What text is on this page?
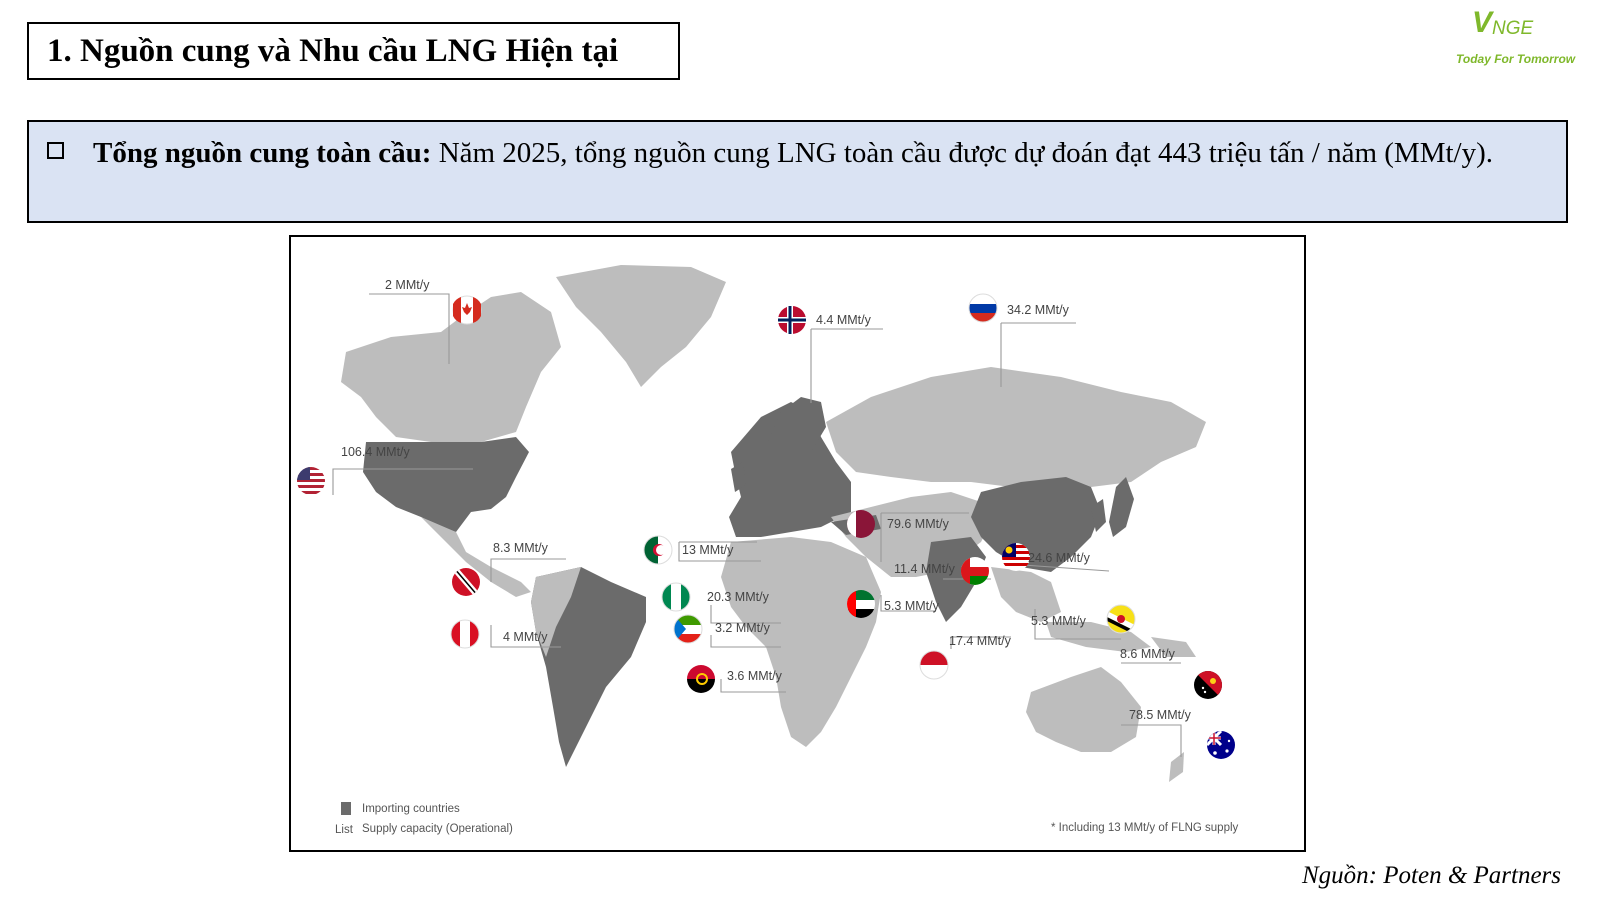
1. Nguồn cung và Nhu cầu LNG Hiện tại
V NGE
Today For Tomorrow
Tổng nguồn cung toàn cầu: Năm 2025, tổng nguồn cung LNG toàn cầu được dự đoán đạt 443 triệu tấn / năm (MMt/y).
2 MMt/y
4.4 MMt/y
34.2 MMt/y
106.4 MMt/y
79.6 MMt/y
13 MMt/y
24.6 MMt/y
11.4 MMt/y
8.3 MMt/y
20.3 MMt/y
5.3 MMt/y
3.2 MMt/y	5.3 MMt/y
4 MMt/y	17.4 MMt/y
3.6 MMt/y
8.6 MMt/y
78.5 MMt/y
Importing countries
List Supply capacity (Operational)	* Including 13 MMt/y of FLNG supply
Nguồn: Poten & Partners
